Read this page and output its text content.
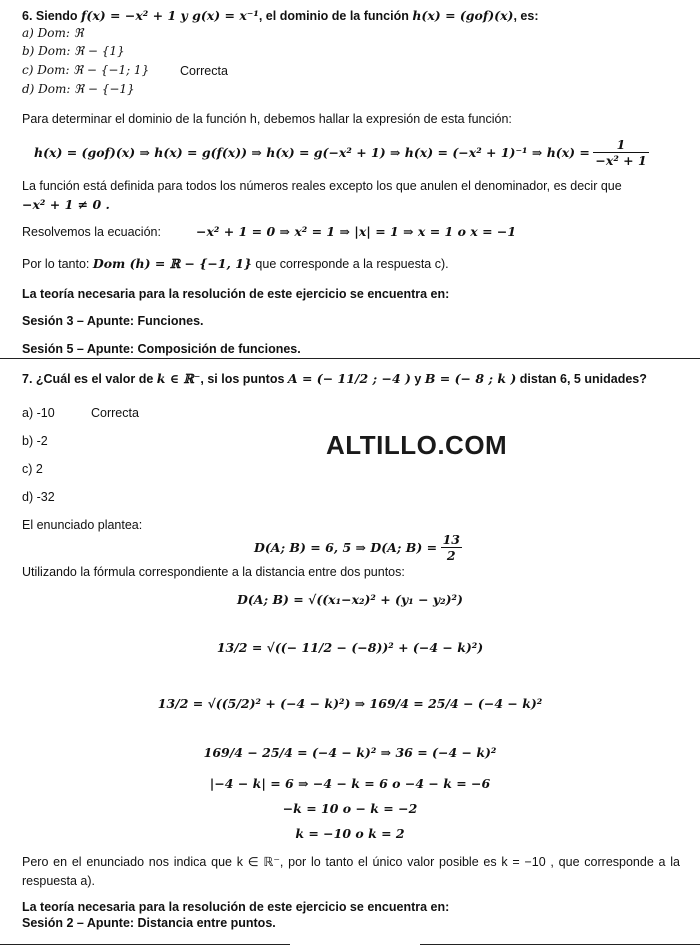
6. Siendo f(x) = −x² + 1 y g(x) = x⁻¹, el dominio de la función h(x) = (gof)(x), es:
a) Dom: ℜ
b) Dom: ℜ − {1}
c) Dom: ℜ − {−1; 1} Correcta
d) Dom: ℜ − {−1}
Para determinar el dominio de la función h, debemos hallar la expresión de esta función:
h(x) = (gof)(x) ⇒ h(x) = g(f(x)) ⇒ h(x) = g(−x² + 1) ⇒ h(x) = (−x² + 1)⁻¹ ⇒ $h(x) = \frac{1}{\text{−x² + 1}}$
La función está definida para todos los números reales excepto los que anulen el denominador, es decir que
−x² + 1 ≠ 0 .
Resolvemos la ecuación:	−x² + 1 = 0 ⇒ x² = 1 ⇒ |x| = 1 ⇒ x = 1 o x = −1
Por lo tanto: Dom (h) = ℝ − {−1, 1} que corresponde a la respuesta c).
La teoría necesaria para la resolución de este ejercicio se encuentra en:
Sesión 3 – Apunte: Funciones.
Sesión 5 – Apunte: Composición de funciones.
7. ¿Cuál es el valor de k ∈ ℝ⁻, si los puntos A = (− 11/2 ; −4 ) y B = (− 8 ; k ) distan 6, 5 unidades?
a) -10	Correcta
b) -2
c) 2
d) -32
ALTILLO.COM
El enunciado plantea:
D(A; B) = 6, 5 ⇒ D(A; $B) = \frac{13}{2}$
Utilizando la fórmula correspondiente a la distancia entre dos puntos:
D(A; B) = √((x₁−x₂)² + (y₁ − y₂)²)
13/2 = √((− 11/2 − (−8))² + (−4 − k)²)
13/2 = √((5/2)² + (−4 − k)²) ⇒ 169/4 = 25/4 − (−4 − k)²
169/4 − 25/4 = (−4 − k)² ⇒ 36 = (−4 − k)²
|−4 − k| = 6 ⇒ −4 − k = 6 o −4 − k = −6
−k = 10 o − k = −2
k = −10 o k = 2
Pero en el enunciado nos indica que k ∈ ℝ⁻, por lo tanto el único valor posible es k = −10 , que corresponde a la respuesta a).
La teoría necesaria para la resolución de este ejercicio se encuentra en:
Sesión 2 – Apunte: Distancia entre puntos.
